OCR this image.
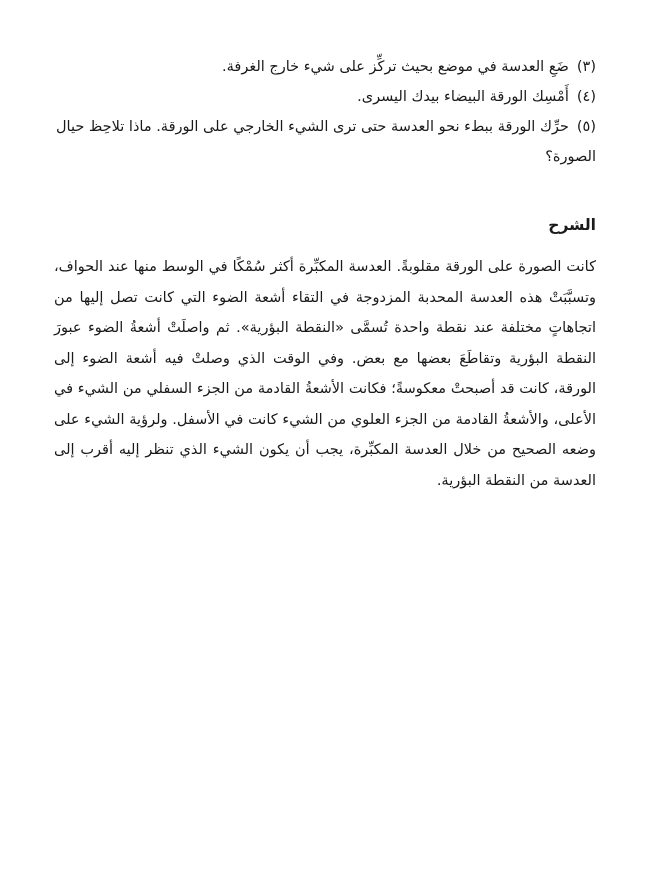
(٣)ضَعِ العدسة في موضع بحيث تركِّز على شيء خارج الغرفة.
(٤)أَمْسِك الورقة البيضاء بيدك اليسرى.
(٥)حرِّك الورقة ببطء نحو العدسة حتى ترى الشيء الخارجي على الورقة. ماذا تلاحِظ حيال الصورة؟
الشرح

كانت الصورة على الورقة مقلوبةً. العدسة المكبِّرة أكثر سُمْكًا في الوسط منها عند الحواف، وتسبَّبَتْ هذه العدسة المحدبة المزدوجة في التقاء أشعة الضوء التي كانت تصل إليها من اتجاهاتٍ مختلفة عند نقطة واحدة تُسمَّى «النقطة البؤرية». ثم واصلَتْ أشعةُ الضوء عبورَ النقطة البؤرية وتقاطَعَ بعضها مع بعض. وفي الوقت الذي وصلتْ فيه أشعة الضوء إلى الورقة، كانت قد أصبحتْ معكوسةً؛ فكانت الأشعةُ القادمة من الجزء السفلي من الشيء في الأعلى، والأشعةُ القادمة من الجزء العلوي من الشيء كانت في الأسفل. ولرؤية الشيء على وضعه الصحيح من خلال العدسة المكبِّرة، يجب أن يكون الشيء الذي تنظر إليه أقرب إلى العدسة من النقطة البؤرية.
